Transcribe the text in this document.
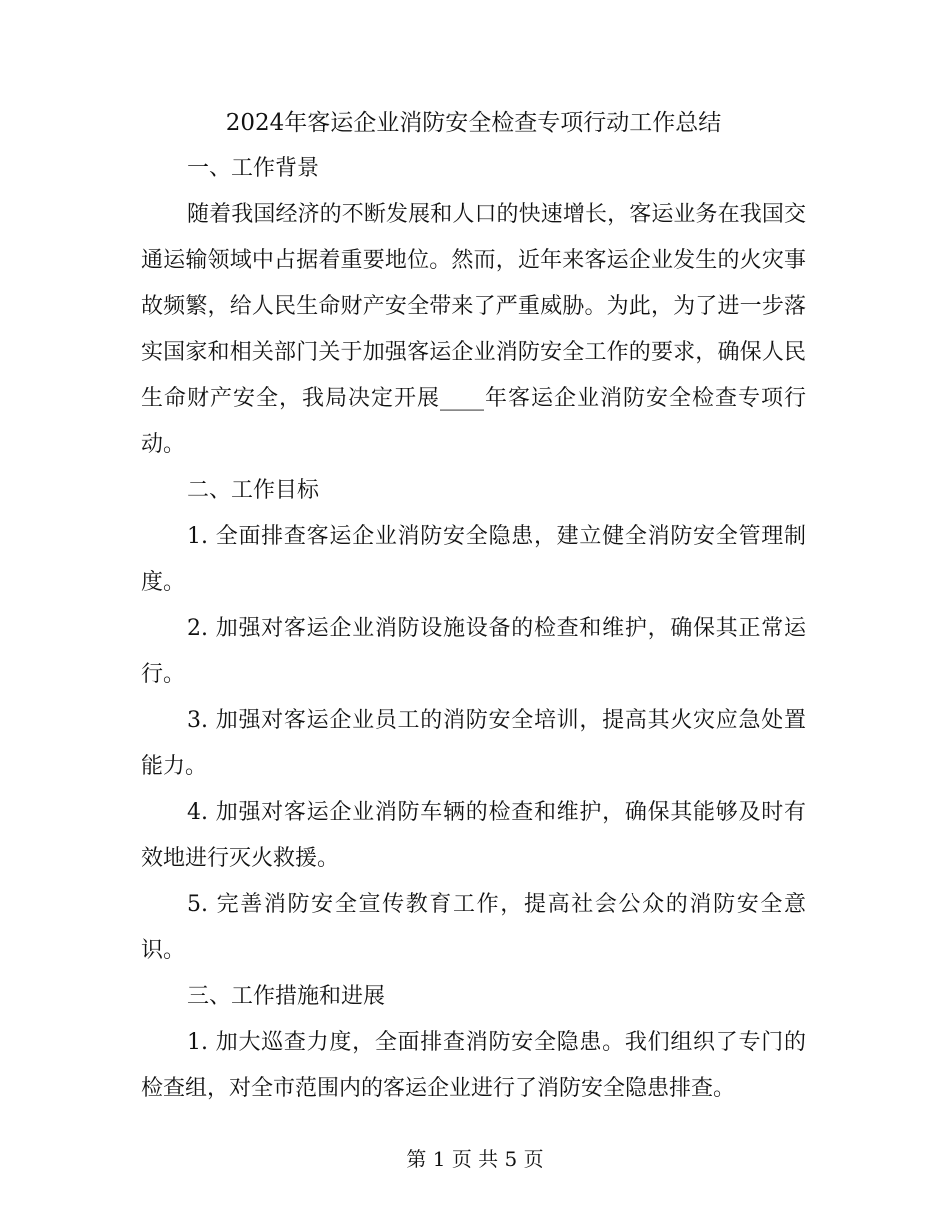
2024年客运企业消防安全检查专项行动工作总结

一、工作背景

随着我国经济的不断发展和人口的快速增长，客运业务在我国交通运输领域中占据着重要地位。然而，近年来客运企业发生的火灾事故频繁，给人民生命财产安全带来了严重威胁。为此，为了进一步落实国家和相关部门关于加强客运企业消防安全工作的要求，确保人民生命财产安全，我局决定开展____年客运企业消防安全检查专项行动。

二、工作目标

1. 全面排查客运企业消防安全隐患，建立健全消防安全管理制度。

2. 加强对客运企业消防设施设备的检查和维护，确保其正常运行。

3. 加强对客运企业员工的消防安全培训，提高其火灾应急处置能力。

4. 加强对客运企业消防车辆的检查和维护，确保其能够及时有效地进行灭火救援。

5. 完善消防安全宣传教育工作，提高社会公众的消防安全意识。

三、工作措施和进展

1. 加大巡查力度，全面排查消防安全隐患。我们组织了专门的检查组，对全市范围内的客运企业进行了消防安全隐患排查。

第 1 页 共 5 页
